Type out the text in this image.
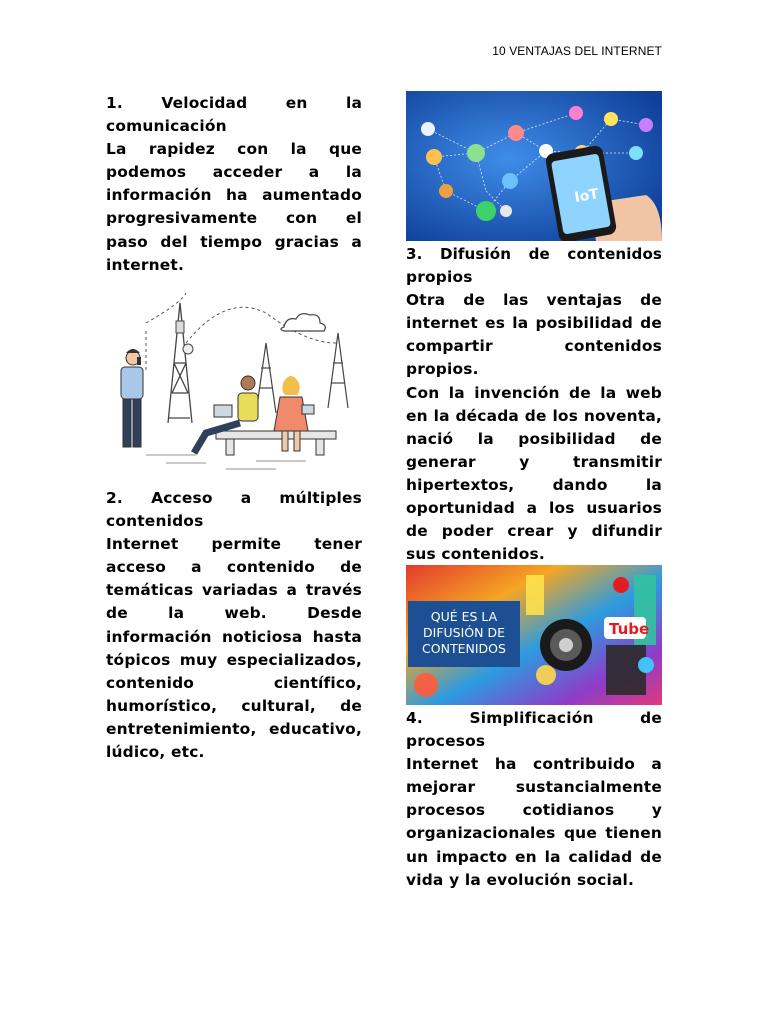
10 VENTAJAS DEL INTERNET
1. Velocidad en la
comunicación

La rapidez con la que podemos acceder a la información ha aumentado progresivamente con el paso del tiempo gracias a internet.

2. Acceso a múltiples
contenidos

Internet permite tener acceso a contenido de temáticas variadas a través de la web. Desde información noticiosa hasta tópicos muy especializados, contenido científico, humorístico, cultural, de entretenimiento, educativo, lúdico, etc.

IoT
3. Difusión de contenidos
propios

Otra de las ventajas de internet es la posibilidad de compartir contenidos propios.

Con la invención de la web en la década de los noventa, nació la posibilidad de generar y transmitir hipertextos, dando la oportunidad a los usuarios de poder crear y difundir sus contenidos.

Tube
QUÉ ES LA
DIFUSIÓN DE
CONTENIDOS
4.	Simplificación	de
procesos

Internet ha contribuido a mejorar sustancialmente procesos cotidianos y organizacionales que tienen un impacto en la calidad de vida y la evolución social.
